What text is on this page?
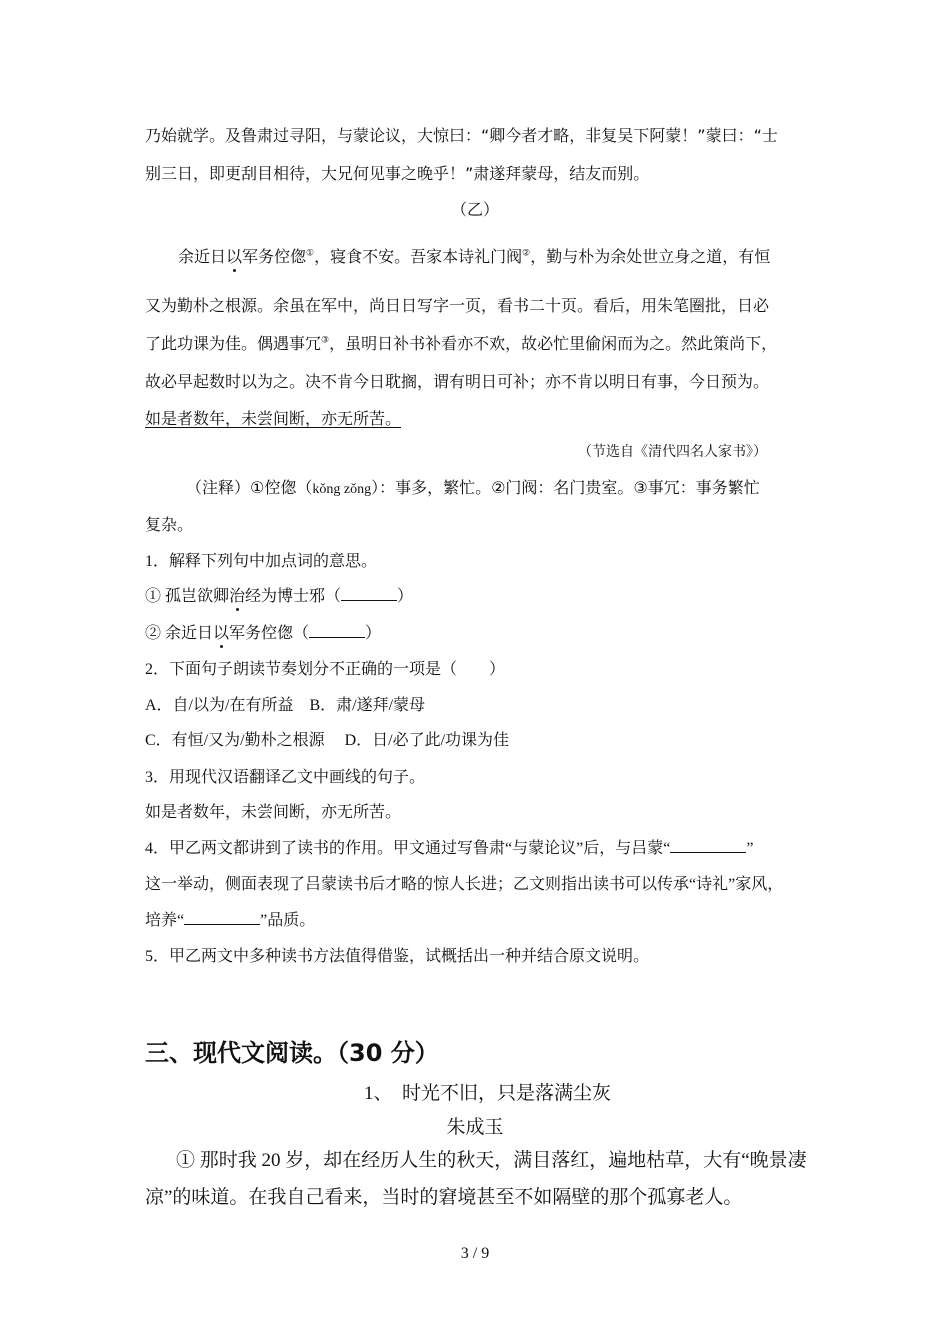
乃始就学。及鲁肃过寻阳，与蒙论议，大惊曰：“卿今者才略，非复吴下阿蒙！”蒙曰：“士
别三日，即更刮目相待，大兄何见事之晚乎！”肃遂拜蒙母，结友而别。
（乙）
余近日以军务倥偬①，寝食不安。吾家本诗礼门阀②，勤与朴为余处世立身之道，有恒
又为勤朴之根源。余虽在军中，尚日日写字一页，看书二十页。看后，用朱笔圈批，日必
了此功课为佳。偶遇事冗③，虽明日补书补看亦不欢，故必忙里偷闲而为之。然此策尚下，
故必早起数时以为之。决不肯今日耽搁，谓有明日可补；亦不肯以明日有事，今日预为。
如是者数年，未尝间断，亦无所苦。
（节选自《清代四名人家书》）
（注释）①倥偬（kǒng zǒng）：事多，繁忙。②门阀：名门贵室。③事冗：事务繁忙
复杂。
1．解释下列句中加点词的意思。
① 孤岂欲卿治经为博士邪（	）
② 余近日以军务倥偬（	）
2．下面句子朗读节奏划分不正确的一项是（　　）
A．自/以为/在有所益　B．肃/遂拜/蒙母
C．有恒/又为/勤朴之根源　 D．日/必了此/功课为佳
3．用现代汉语翻译乙文中画线的句子。
如是者数年，未尝间断，亦无所苦。
4．甲乙两文都讲到了读书的作用。甲文通过写鲁肃“与蒙论议”后，与吕蒙“	”
这一举动，侧面表现了吕蒙读书后才略的惊人长进；乙文则指出读书可以传承“诗礼”家风，
培养“	”品质。
5．甲乙两文中多种读书方法值得借鉴，试概括出一种并结合原文说明。
三、现代文阅读。（30 分）
1、　时光不旧，只是落满尘灰
朱成玉
① 那时我 20 岁，却在经历人生的秋天，满目落红，遍地枯草，大有“晚景凄
凉”的味道。在我自己看来，当时的窘境甚至不如隔壁的那个孤寡老人。
3 / 9
